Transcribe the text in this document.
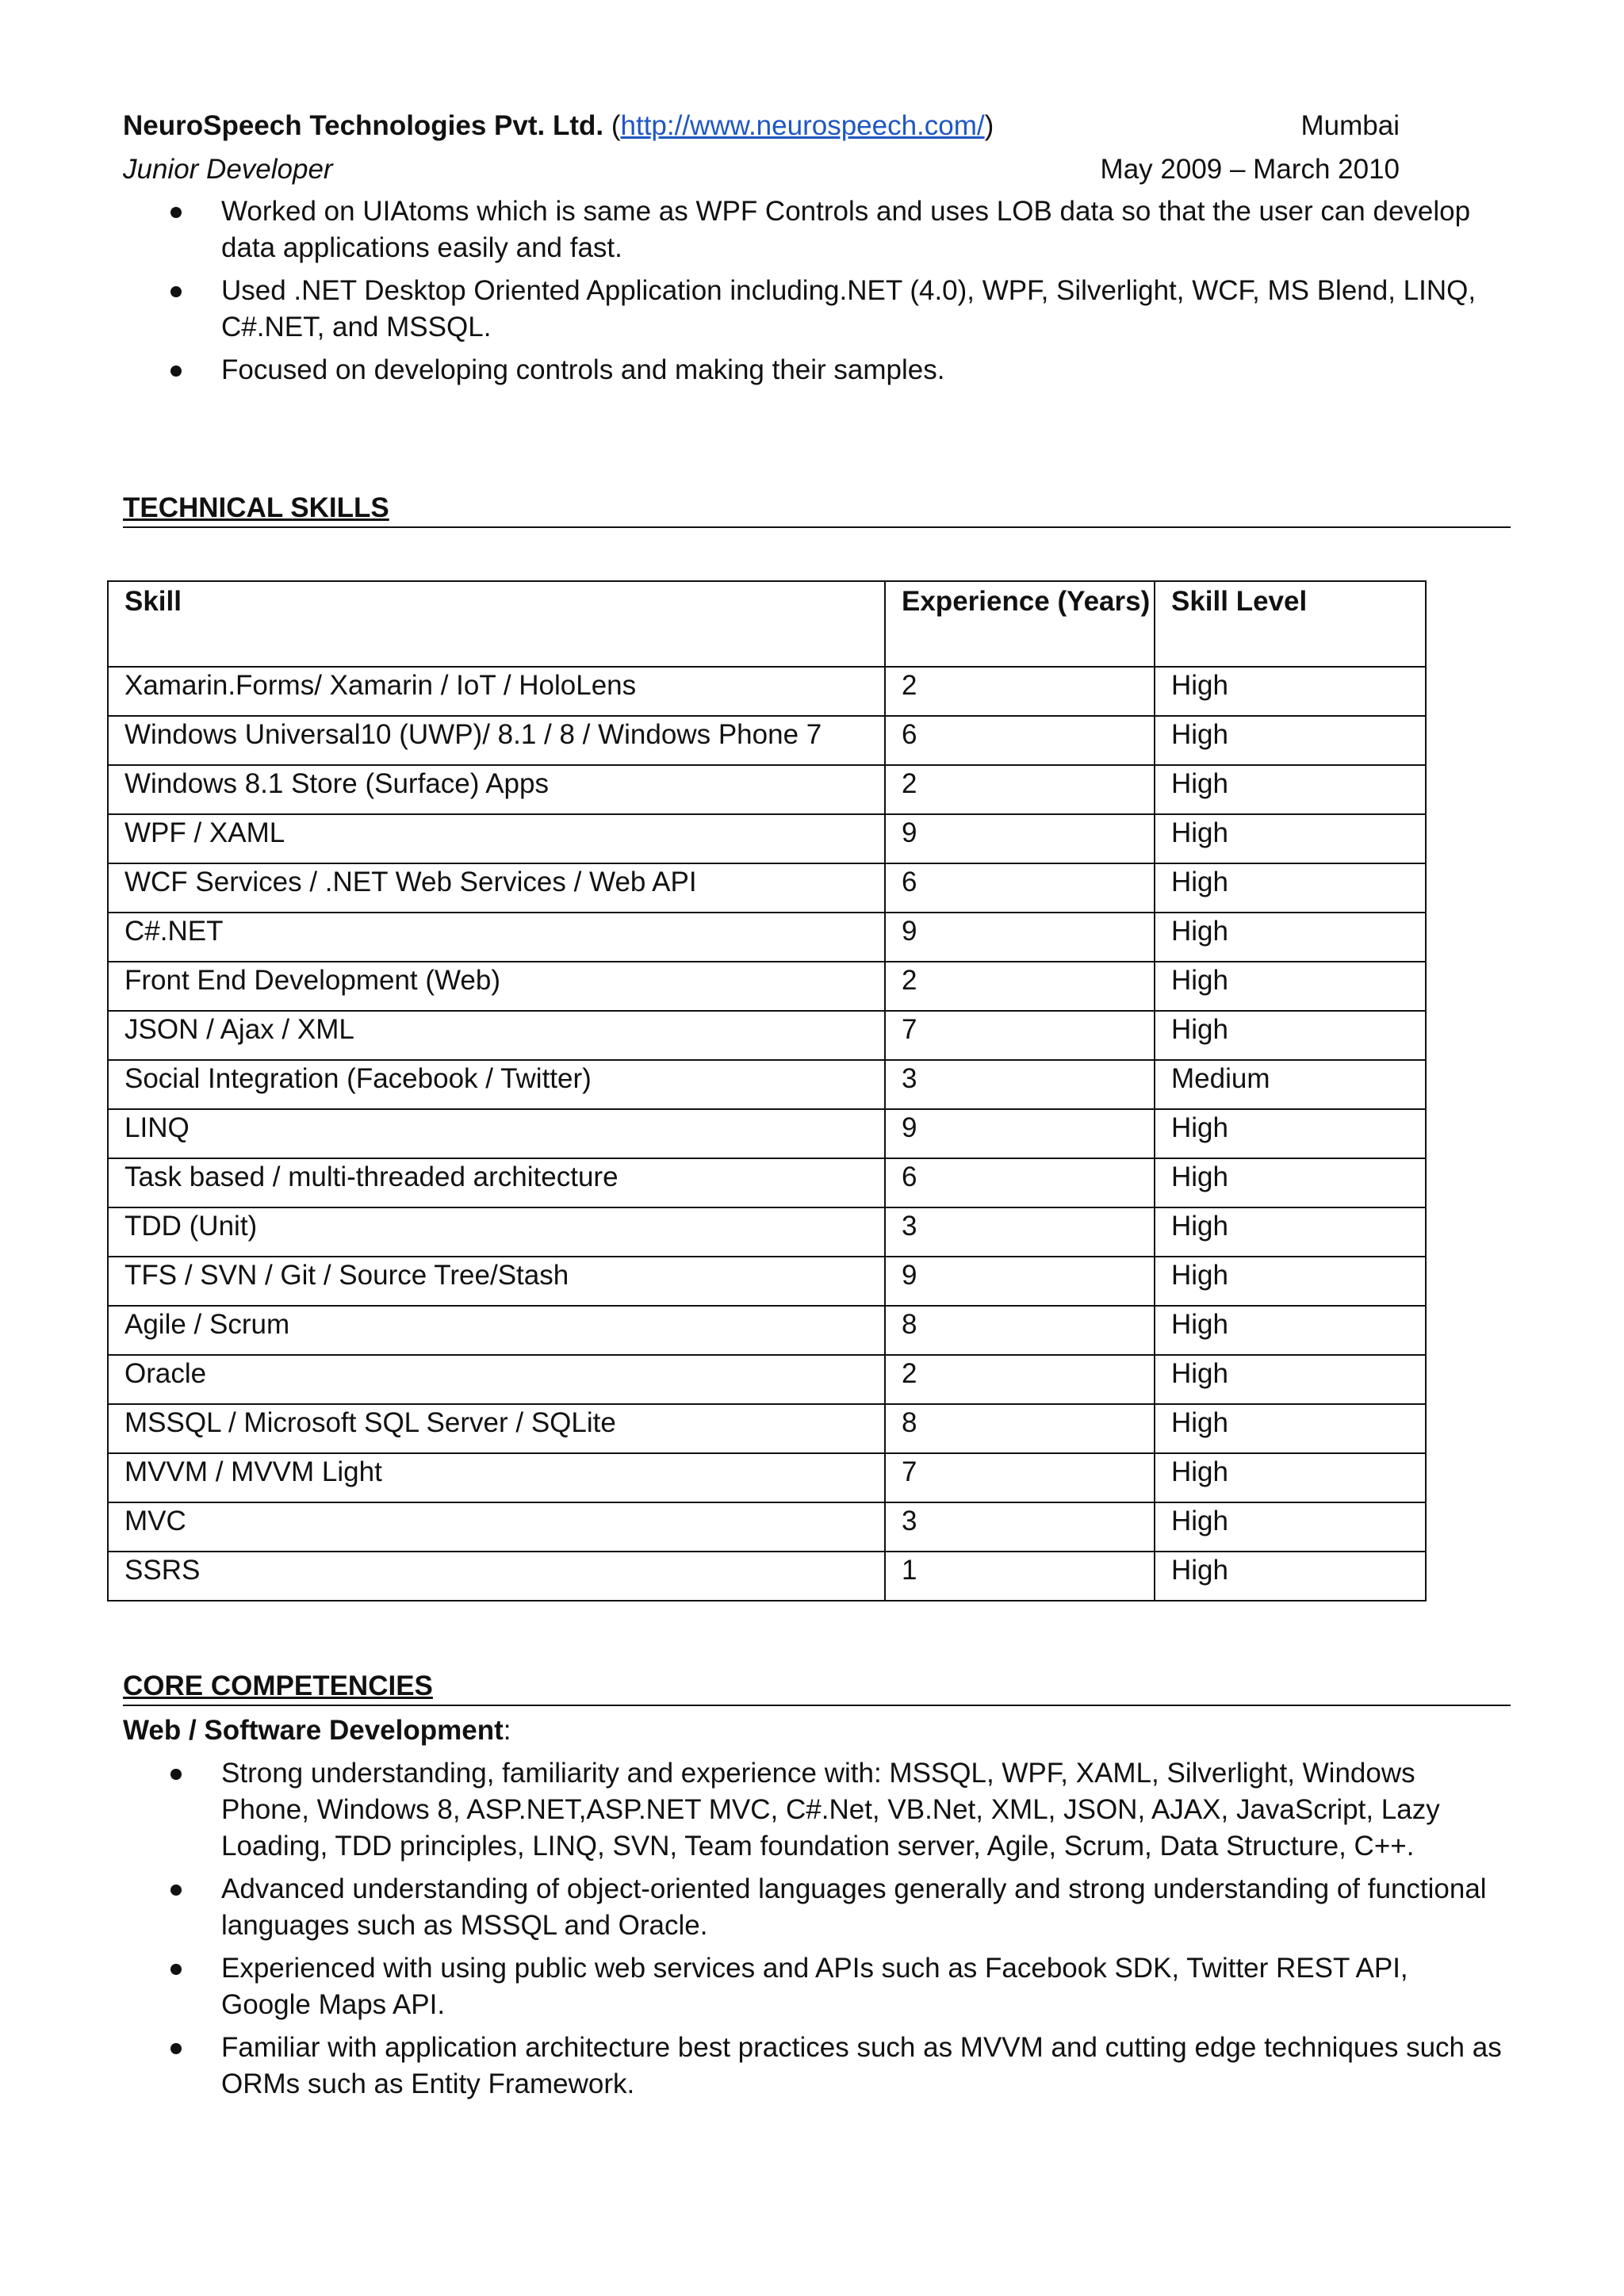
NeuroSpeech Technologies Pvt. Ltd. (http://www.neurospeech.com/)	Mumbai
Junior Developer	May 2009 – March 2010
Worked on UIAtoms which is same as WPF Controls and uses LOB data so that the user can develop data applications easily and fast.
Used .NET Desktop Oriented Application including.NET (4.0), WPF, Silverlight, WCF, MS Blend, LINQ, C#.NET, and MSSQL.
Focused on developing controls and making their samples.
TECHNICAL SKILLS
Skill	Experience (Years)	Skill Level
Xamarin.Forms/ Xamarin / IoT / HoloLens	2	High
Windows Universal10 (UWP)/ 8.1 / 8 / Windows Phone 7	6	High
Windows 8.1 Store (Surface) Apps	2	High
WPF / XAML	9	High
WCF Services / .NET Web Services / Web API	6	High
C#.NET	9	High
Front End Development (Web)	2	High
JSON / Ajax / XML	7	High
Social Integration (Facebook / Twitter)	3	Medium
LINQ	9	High
Task based / multi-threaded architecture	6	High
TDD (Unit)	3	High
TFS / SVN / Git / Source Tree/Stash	9	High
Agile / Scrum	8	High
Oracle	2	High
MSSQL / Microsoft SQL Server / SQLite	8	High
MVVM / MVVM Light	7	High
MVC	3	High
SSRS	1	High
CORE COMPETENCIES
Web / Software Development:
Strong understanding, familiarity and experience with: MSSQL, WPF, XAML, Silverlight, Windows Phone, Windows 8, ASP.NET,ASP.NET MVC, C#.Net, VB.Net, XML, JSON, AJAX, JavaScript, Lazy Loading, TDD principles, LINQ, SVN, Team foundation server, Agile, Scrum, Data Structure, C++.
Advanced understanding of object-oriented languages generally and strong understanding of functional languages such as MSSQL and Oracle.
Experienced with using public web services and APIs such as Facebook SDK, Twitter REST API, Google Maps API.
Familiar with application architecture best practices such as MVVM and cutting edge techniques such as ORMs such as Entity Framework.
